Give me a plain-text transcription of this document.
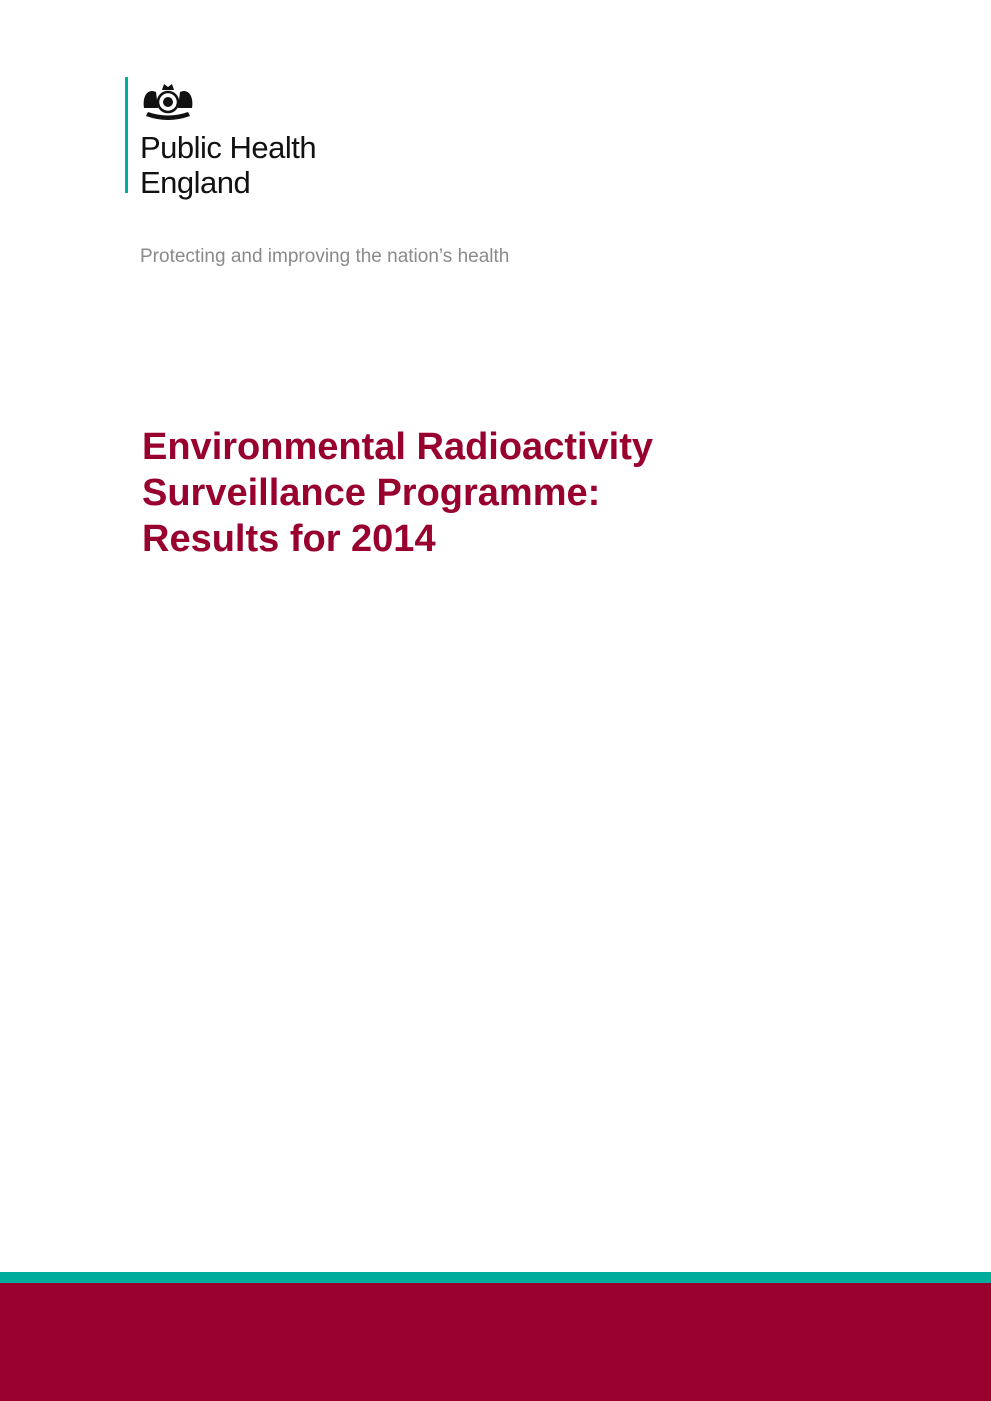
Public Health
England
Protecting and improving the nation’s health
Environmental Radioactivity
Surveillance Programme:
Results for 2014
